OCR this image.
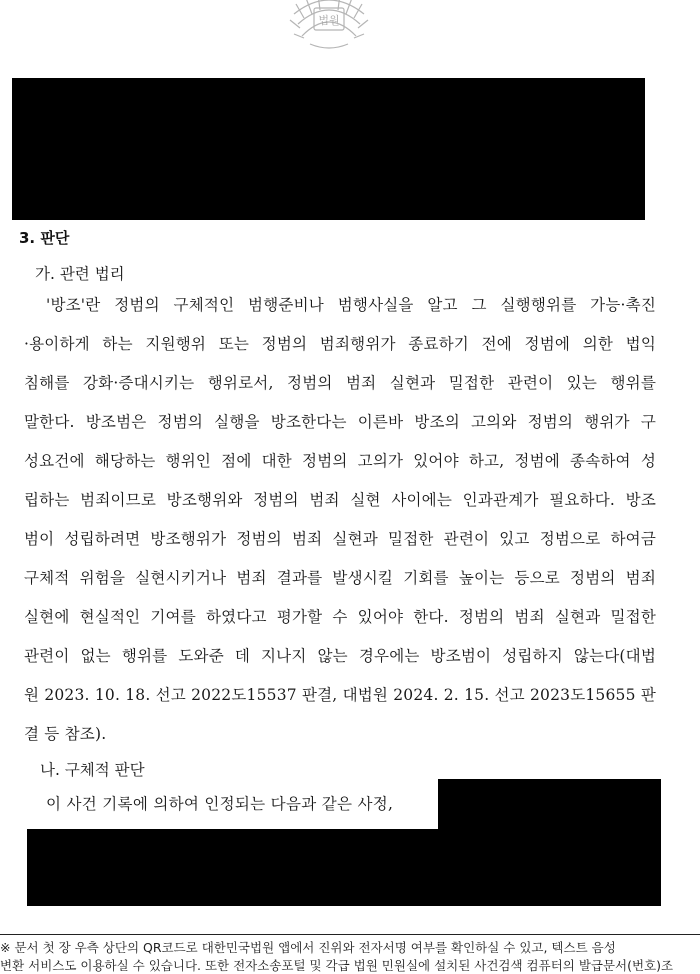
법원
3. 판단
가. 관련 법리
'방조'란 정범의 구체적인 범행준비나 범행사실을 알고 그 실행행위를 가능·촉진
·용이하게 하는 지원행위 또는 정범의 범죄행위가 종료하기 전에 정범에 의한 법익
침해를 강화·증대시키는 행위로서, 정범의 범죄 실현과 밀접한 관련이 있는 행위를
말한다. 방조범은 정범의 실행을 방조한다는 이른바 방조의 고의와 정범의 행위가 구
성요건에 해당하는 행위인 점에 대한 정범의 고의가 있어야 하고, 정범에 종속하여 성
립하는 범죄이므로 방조행위와 정범의 범죄 실현 사이에는 인과관계가 필요하다. 방조
범이 성립하려면 방조행위가 정범의 범죄 실현과 밀접한 관련이 있고 정범으로 하여금
구체적 위험을 실현시키거나 범죄 결과를 발생시킬 기회를 높이는 등으로 정범의 범죄
실현에 현실적인 기여를 하였다고 평가할 수 있어야 한다. 정범의 범죄 실현과 밀접한
관련이 없는 행위를 도와준 데 지나지 않는 경우에는 방조범이 성립하지 않는다(대법
원 2023. 10. 18. 선고 2022도15537 판결, 대법원 2024. 2. 15. 선고 2023도15655 판
결 등 참조).
나. 구체적 판단
이 사건 기록에 의하여 인정되는 다음과 같은 사정,
※ 문서 첫 장 우측 상단의 QR코드로 대한민국법원 앱에서 진위와 전자서명 여부를 확인하실 수 있고, 텍스트 음성
변환 서비스도 이용하실 수 있습니다. 또한 전자소송포털 및 각급 법원 민원실에 설치된 사건검색 컴퓨터의 발급문서(번호)조
